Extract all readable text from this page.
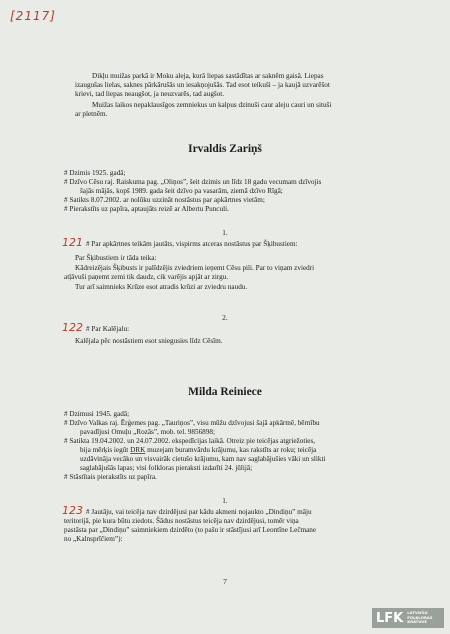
[2117]
Dikļu muižas parkā ir Moku aleja, kurā liepas sastādītas ar saknēm gaisā. Liepas
izaugušas lielas, saknes pārkārušās un iesakņojušās. Tad esot teikuši – ja kaujā uzvarēšot
krievi, tad liepas neaugšot, ja neuzvarēs, tad augšot.
Muižas laikos nepaklausīgos zemniekus un kalpus dzinuši caur aleju cauri un situši
ar pletnēm.
Irvaldis Zariņš
# Dzimis 1925. gadā;
# Dzīvo Cēsu raj. Raiskuma pag. „Oliņos”, šeit dzimis un līdz 18 gadu vecumam dzīvojis
šajās mājās, kopš 1989. gada šeit dzīvo pa vasarām, ziemā dzīvo Rīgā;
# Satikts 8.07.2002. ar nolūku uzzināt nostāstus par apkārtnes vietām;
# Pierakstīts uz papīra, aptaujāts reizē ar Albertu Punculi.
1.
121 # Par apkārtnes teikām jautāts, vispirms atceras nostāstus par Šķibustiem:
Par Šķibustiem ir tāda teika:
Kādreizējais Šķibusts ir palīdzējis zviedriem ieņemt Cēsu pili. Par to viņam zviedri
atļāvuši paņemt zemi tik daudz, cik varējis apjāt ar zirgu.
Tur arī saimnieks Krūze esot atradis krūzi ar zviedru naudu.
2.
122 # Par Kalējalu:
Kalējala pēc nostāstiem esot sniegusies līdz Cēsīm.
Milda Reiniece
# Dzimusi 1945. gadā;
# Dzīvo Valkas raj. Ērģemes pag. „Tauriņos”, visu mūžu dzīvojusi šajā apkārtnē, bērnību
pavadījusi Omuļu „Rozās”, mob. tel. 9856898;
# Satikta 19.04.2002. un 24.07.2002. ekspedīcijas laikā. Otreiz pie teicējas atgriežoties,
bija mērķis iegūt DRK muzejam buramvārdu krājumu, kas rakstīts ar roku; teicēja
uzdāvināja vecāko un visvairāk cietušo krājumu, kam nav saglabājušies vāki un slikti
saglabājušās lapas; visi folkloras pieraksti izdarīti 24. jūlijā;
# Stāstītais pierakstīts uz papīra.
1.
123 # Jautāju, vai teicēja nav dzirdējusi par kādu akmeni nojaukto „Dindiņu” māju
teritorijā, pie kura būtu ziedots. Šādus nostāstus teicēja nav dzirdējusi, tomēr viņa
pastāsta par „Dindiņu” saimniekiem dzirdēto (to pašu ir stāstījusi arī Leontīne Lečmane
no „Kalnsprīčiem”):
7
LFK LATVIEŠU
FOLKLORAS
KRĀTUVE
